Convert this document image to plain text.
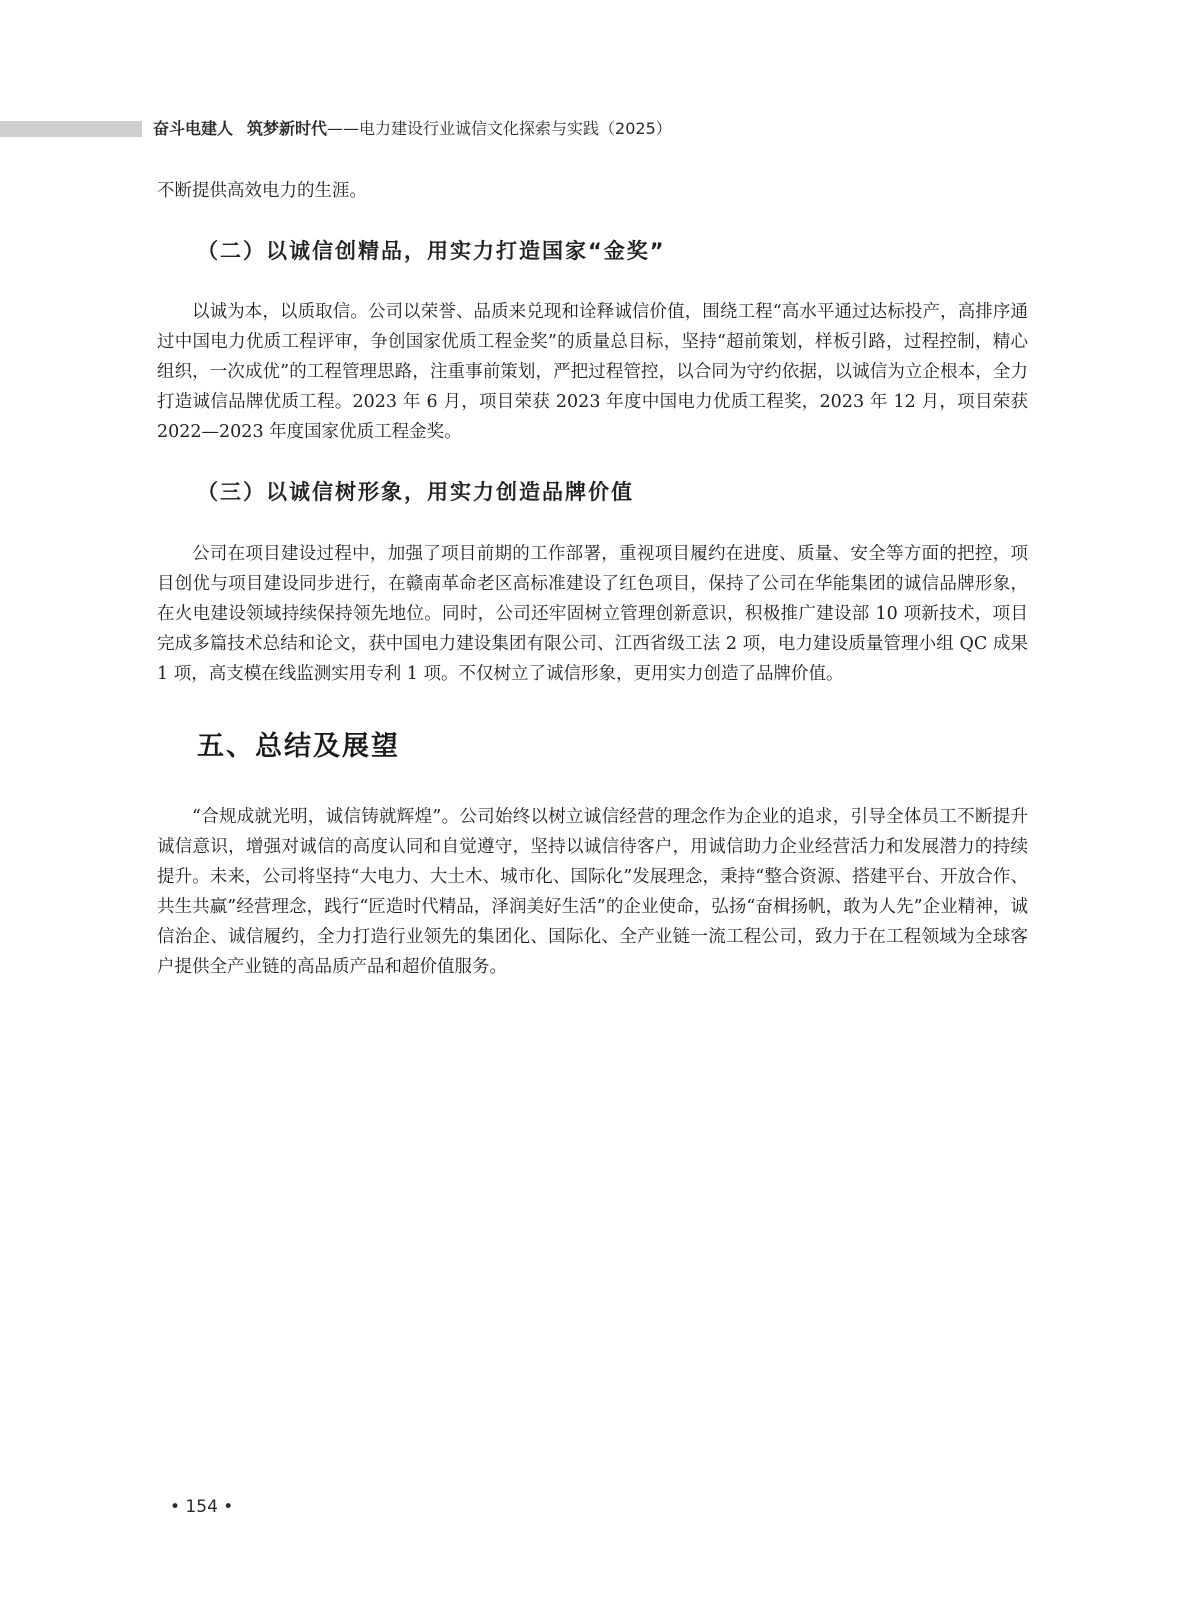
奋斗电建人 筑梦新时代——电力建设行业诚信文化探索与实践（2025）

不断提供高效电力的生涯。

（二）以诚信创精品，用实力打造国家“金奖”

以诚为本，以质取信。公司以荣誉、品质来兑现和诠释诚信价值，围绕工程“高水平通过达标投产，高排序通过中国电力优质工程评审，争创国家优质工程金奖”的质量总目标，坚持“超前策划，样板引路，过程控制，精心组织，一次成优”的工程管理思路，注重事前策划，严把过程管控，以合同为守约依据，以诚信为立企根本，全力打造诚信品牌优质工程。2023 年 6 月，项目荣获 2023 年度中国电力优质工程奖，2023 年 12 月，项目荣获 2022—2023 年度国家优质工程金奖。

（三）以诚信树形象，用实力创造品牌价值

公司在项目建设过程中，加强了项目前期的工作部署，重视项目履约在进度、质量、安全等方面的把控，项目创优与项目建设同步进行，在赣南革命老区高标准建设了红色项目，保持了公司在华能集团的诚信品牌形象，在火电建设领域持续保持领先地位。同时，公司还牢固树立管理创新意识，积极推广建设部 10 项新技术，项目完成多篇技术总结和论文，获中国电力建设集团有限公司、江西省级工法 2 项，电力建设质量管理小组 QC 成果 1 项，高支模在线监测实用专利 1 项。不仅树立了诚信形象，更用实力创造了品牌价值。

五、总结及展望

“合规成就光明，诚信铸就辉煌”。公司始终以树立诚信经营的理念作为企业的追求，引导全体员工不断提升诚信意识，增强对诚信的高度认同和自觉遵守，坚持以诚信待客户，用诚信助力企业经营活力和发展潜力的持续提升。未来，公司将坚持“大电力、大土木、城市化、国际化”发展理念，秉持“整合资源、搭建平台、开放合作、共生共赢”经营理念，践行“匠造时代精品，泽润美好生活”的企业使命，弘扬“奋楫扬帆，敢为人先”企业精神，诚信治企、诚信履约，全力打造行业领先的集团化、国际化、全产业链一流工程公司，致力于在工程领域为全球客户提供全产业链的高品质产品和超价值服务。

• 154 •
